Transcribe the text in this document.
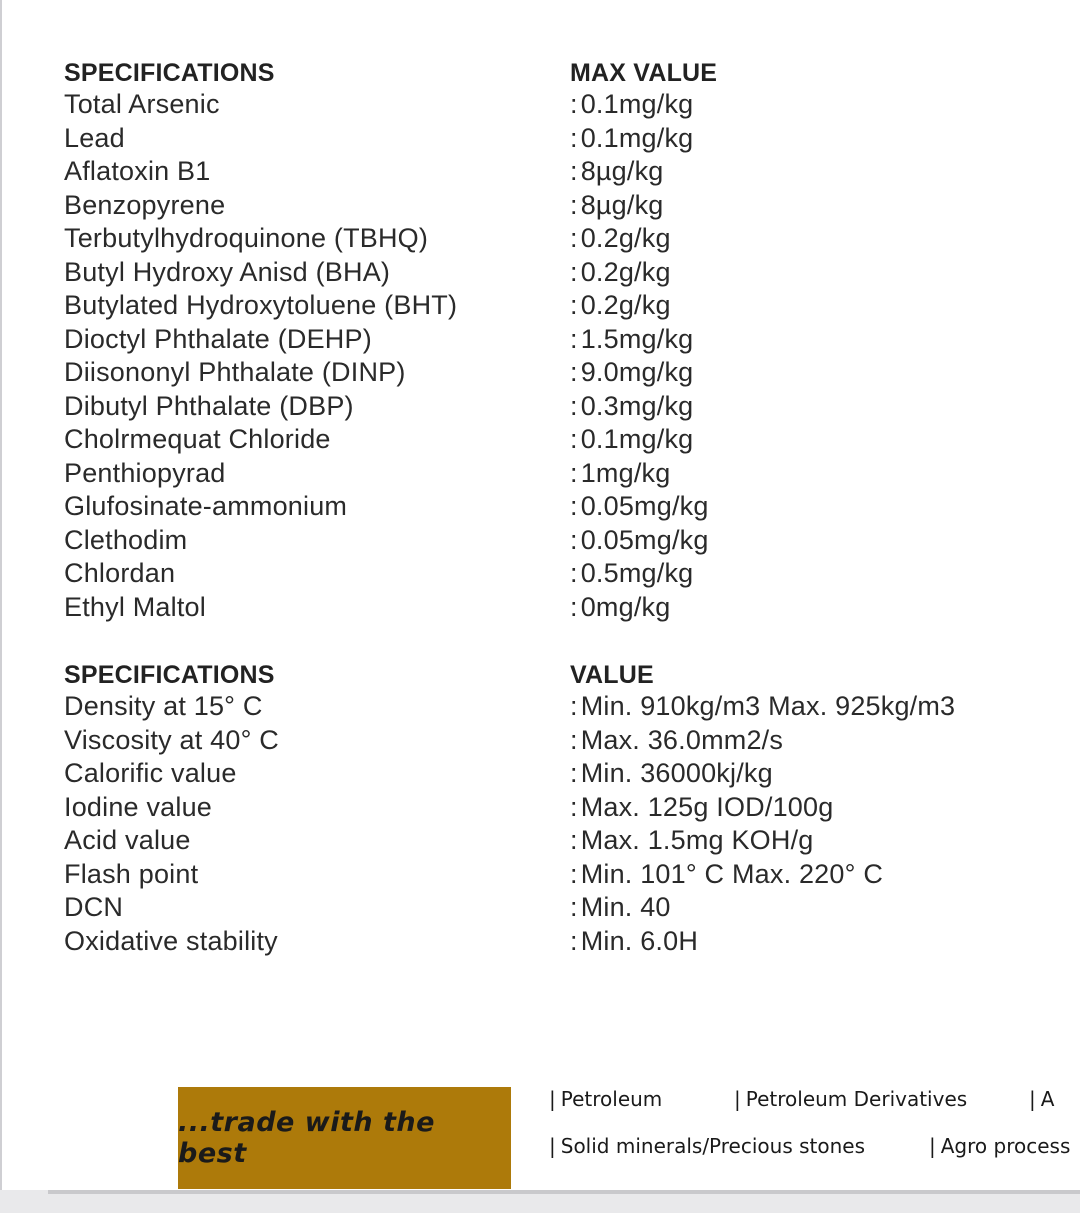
SPECIFICATIONS	MAX VALUE
Total Arsenic	: 0.1mg/kg
Lead	: 0.1mg/kg
Aflatoxin B1	: 8µg/kg
Benzopyrene	: 8µg/kg
Terbutylhydroquinone (TBHQ)	: 0.2g/kg
Butyl Hydroxy Anisd (BHA)	: 0.2g/kg
Butylated Hydroxytoluene (BHT)	: 0.2g/kg
Dioctyl Phthalate (DEHP)	: 1.5mg/kg
Diisononyl Phthalate (DINP)	: 9.0mg/kg
Dibutyl Phthalate (DBP)	: 0.3mg/kg
Cholrmequat Chloride	: 0.1mg/kg
Penthiopyrad	: 1mg/kg
Glufosinate-ammonium	: 0.05mg/kg
Clethodim	: 0.05mg/kg
Chlordan	: 0.5mg/kg
Ethyl Maltol	: 0mg/kg
SPECIFICATIONS	VALUE
Density at 15° C	: Min. 910kg/m3 Max. 925kg/m3
Viscosity at 40° C	: Max. 36.0mm2/s
Calorific value	: Min. 36000kj/kg
Iodine value	: Max. 125g IOD/100g
Acid value	: Max. 1.5mg KOH/g
Flash point	: Min. 101° C Max. 220° C
DCN	: Min. 40
Oxidative stability	: Min. 6.0H
...trade with the best
| Petroleum	| Petroleum Derivatives	| A
| Solid minerals/Precious stones	| Agro process
